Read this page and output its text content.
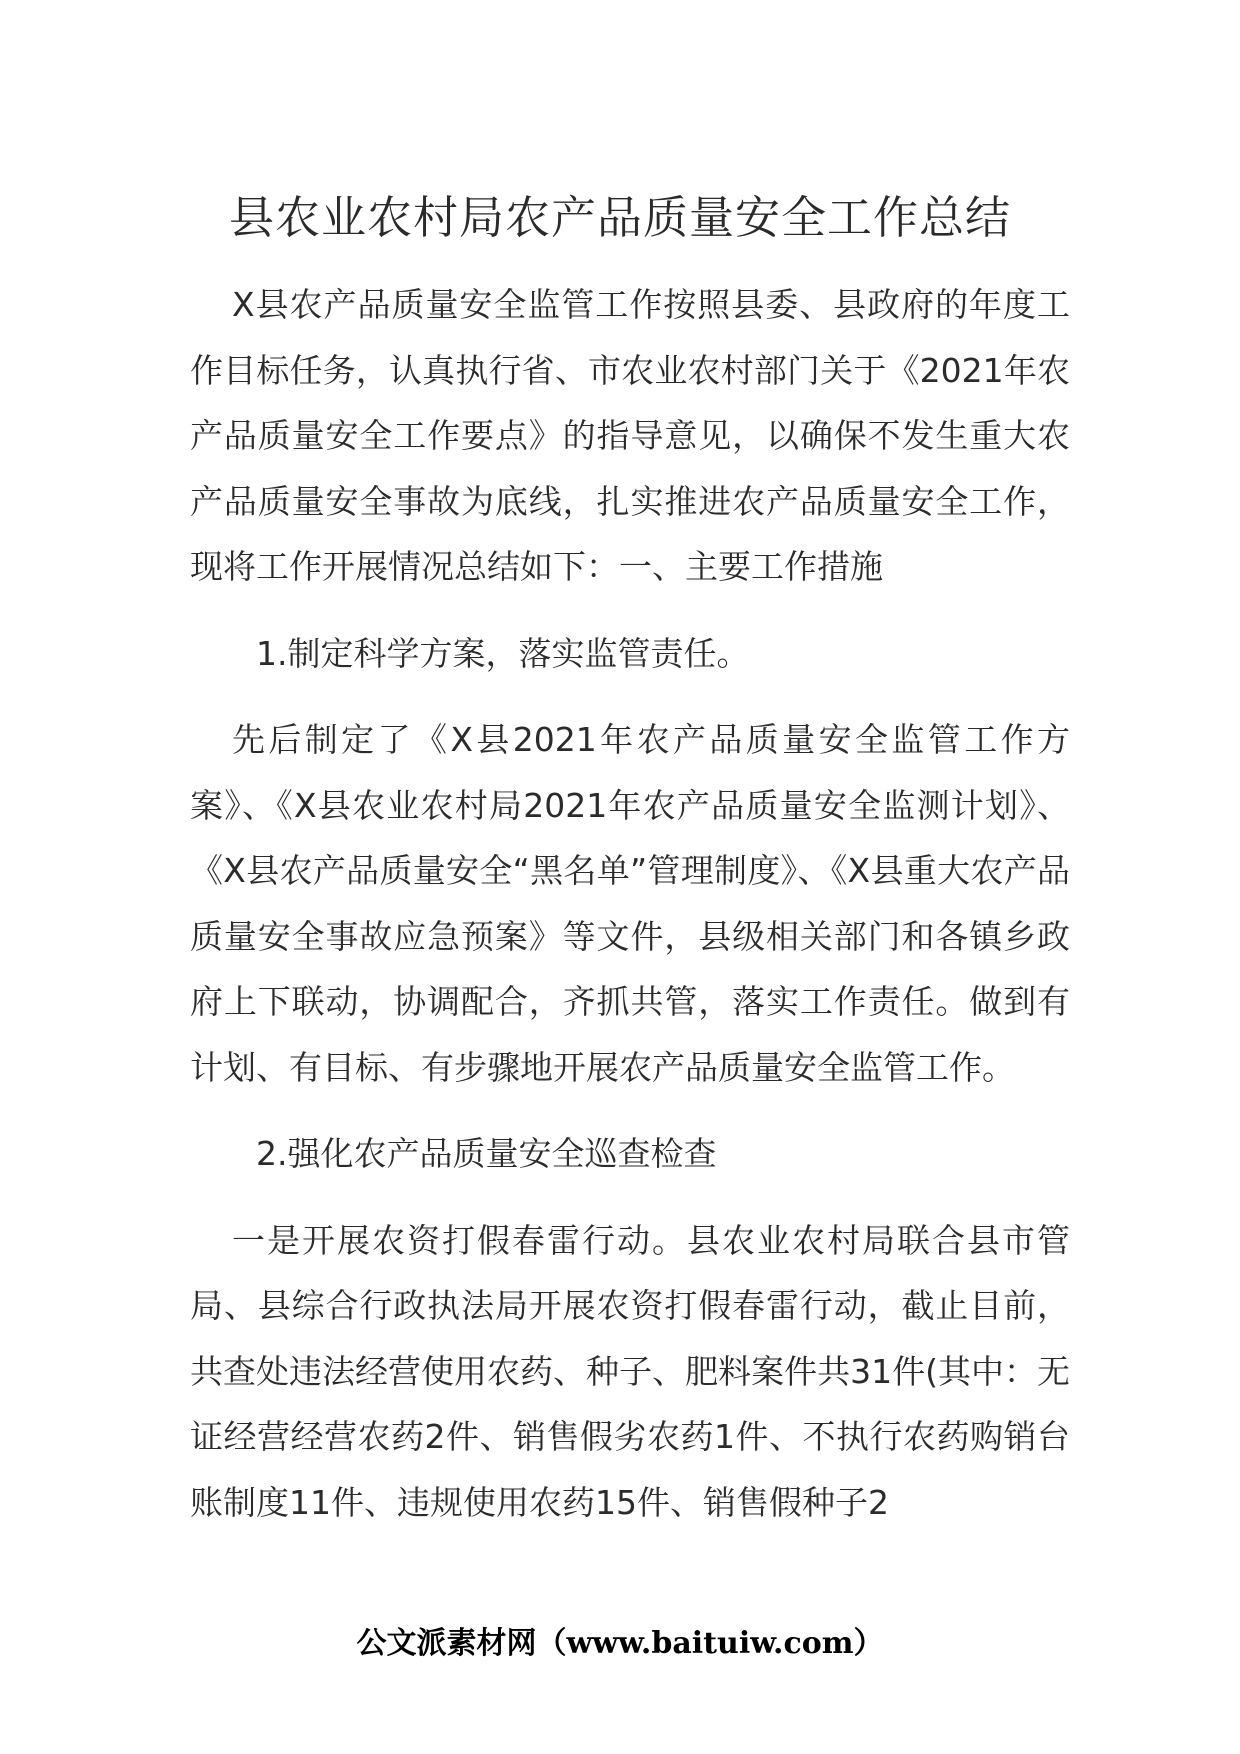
县农业农村局农产品质量安全工作总结

X县农产品质量安全监管工作按照县委、县政府的年度工作目标任务，认真执行省、市农业农村部门关于《2021年农产品质量安全工作要点》的指导意见，以确保不发生重大农产品质量安全事故为底线，扎实推进农产品质量安全工作，现将工作开展情况总结如下：一、主要工作措施

1.制定科学方案，落实监管责任。

先后制定了《X县2021年农产品质量安全监管工作方案》、《X县农业农村局2021年农产品质量安全监测计划》、《X县农产品质量安全“黑名单”管理制度》、《X县重大农产品质量安全事故应急预案》等文件，县级相关部门和各镇乡政府上下联动，协调配合，齐抓共管，落实工作责任。做到有计划、有目标、有步骤地开展农产品质量安全监管工作。

2.强化农产品质量安全巡查检查

一是开展农资打假春雷行动。县农业农村局联合县市管局、县综合行政执法局开展农资打假春雷行动，截止目前，共查处违法经营使用农药、种子、肥料案件共31件(其中：无证经营经营农药2件、销售假劣农药1件、不执行农药购销台账制度11件、违规使用农药15件、销售假种子2

公文派素材网（www.baituiw.com）
